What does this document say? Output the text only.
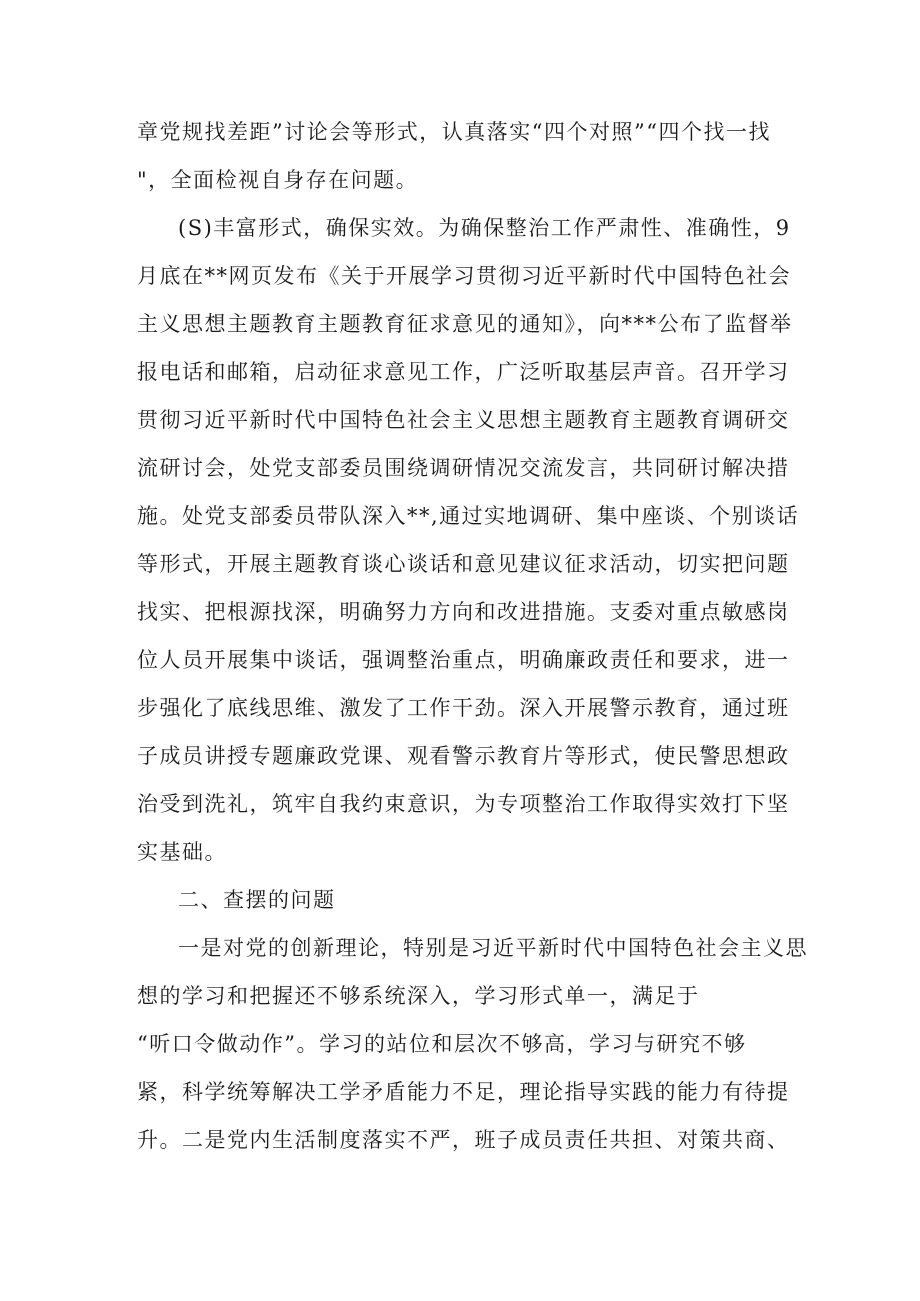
章党规找差距”讨论会等形式，认真落实“四个对照”“四个找一找
"，全面检视自身存在问题。
(S)丰富形式，确保实效。为确保整治工作严肃性、准确性，9
月底在**网页发布《关于开展学习贯彻习近平新时代中国特色社会
主义思想主题教育主题教育征求意见的通知》，向***公布了监督举
报电话和邮箱，启动征求意见工作，广泛听取基层声音。召开学习
贯彻习近平新时代中国特色社会主义思想主题教育主题教育调研交
流研讨会，处党支部委员围绕调研情况交流发言，共同研讨解决措
施。处党支部委员带队深入**,通过实地调研、集中座谈、个别谈话
等形式，开展主题教育谈心谈话和意见建议征求活动，切实把问题
找实、把根源找深，明确努力方向和改进措施。支委对重点敏感岗
位人员开展集中谈话，强调整治重点，明确廉政责任和要求，进一
步强化了底线思维、激发了工作干劲。深入开展警示教育，通过班
子成员讲授专题廉政党课、观看警示教育片等形式，使民警思想政
治受到洗礼，筑牢自我约束意识，为专项整治工作取得实效打下坚
实基础。
二、查摆的问题
一是对党的创新理论，特别是习近平新时代中国特色社会主义思
想的学习和把握还不够系统深入，学习形式单一，满足于
“听口令做动作”。学习的站位和层次不够高，学习与研究不够
紧，科学统筹解决工学矛盾能力不足，理论指导实践的能力有待提
升。二是党内生活制度落实不严，班子成员责任共担、对策共商、
